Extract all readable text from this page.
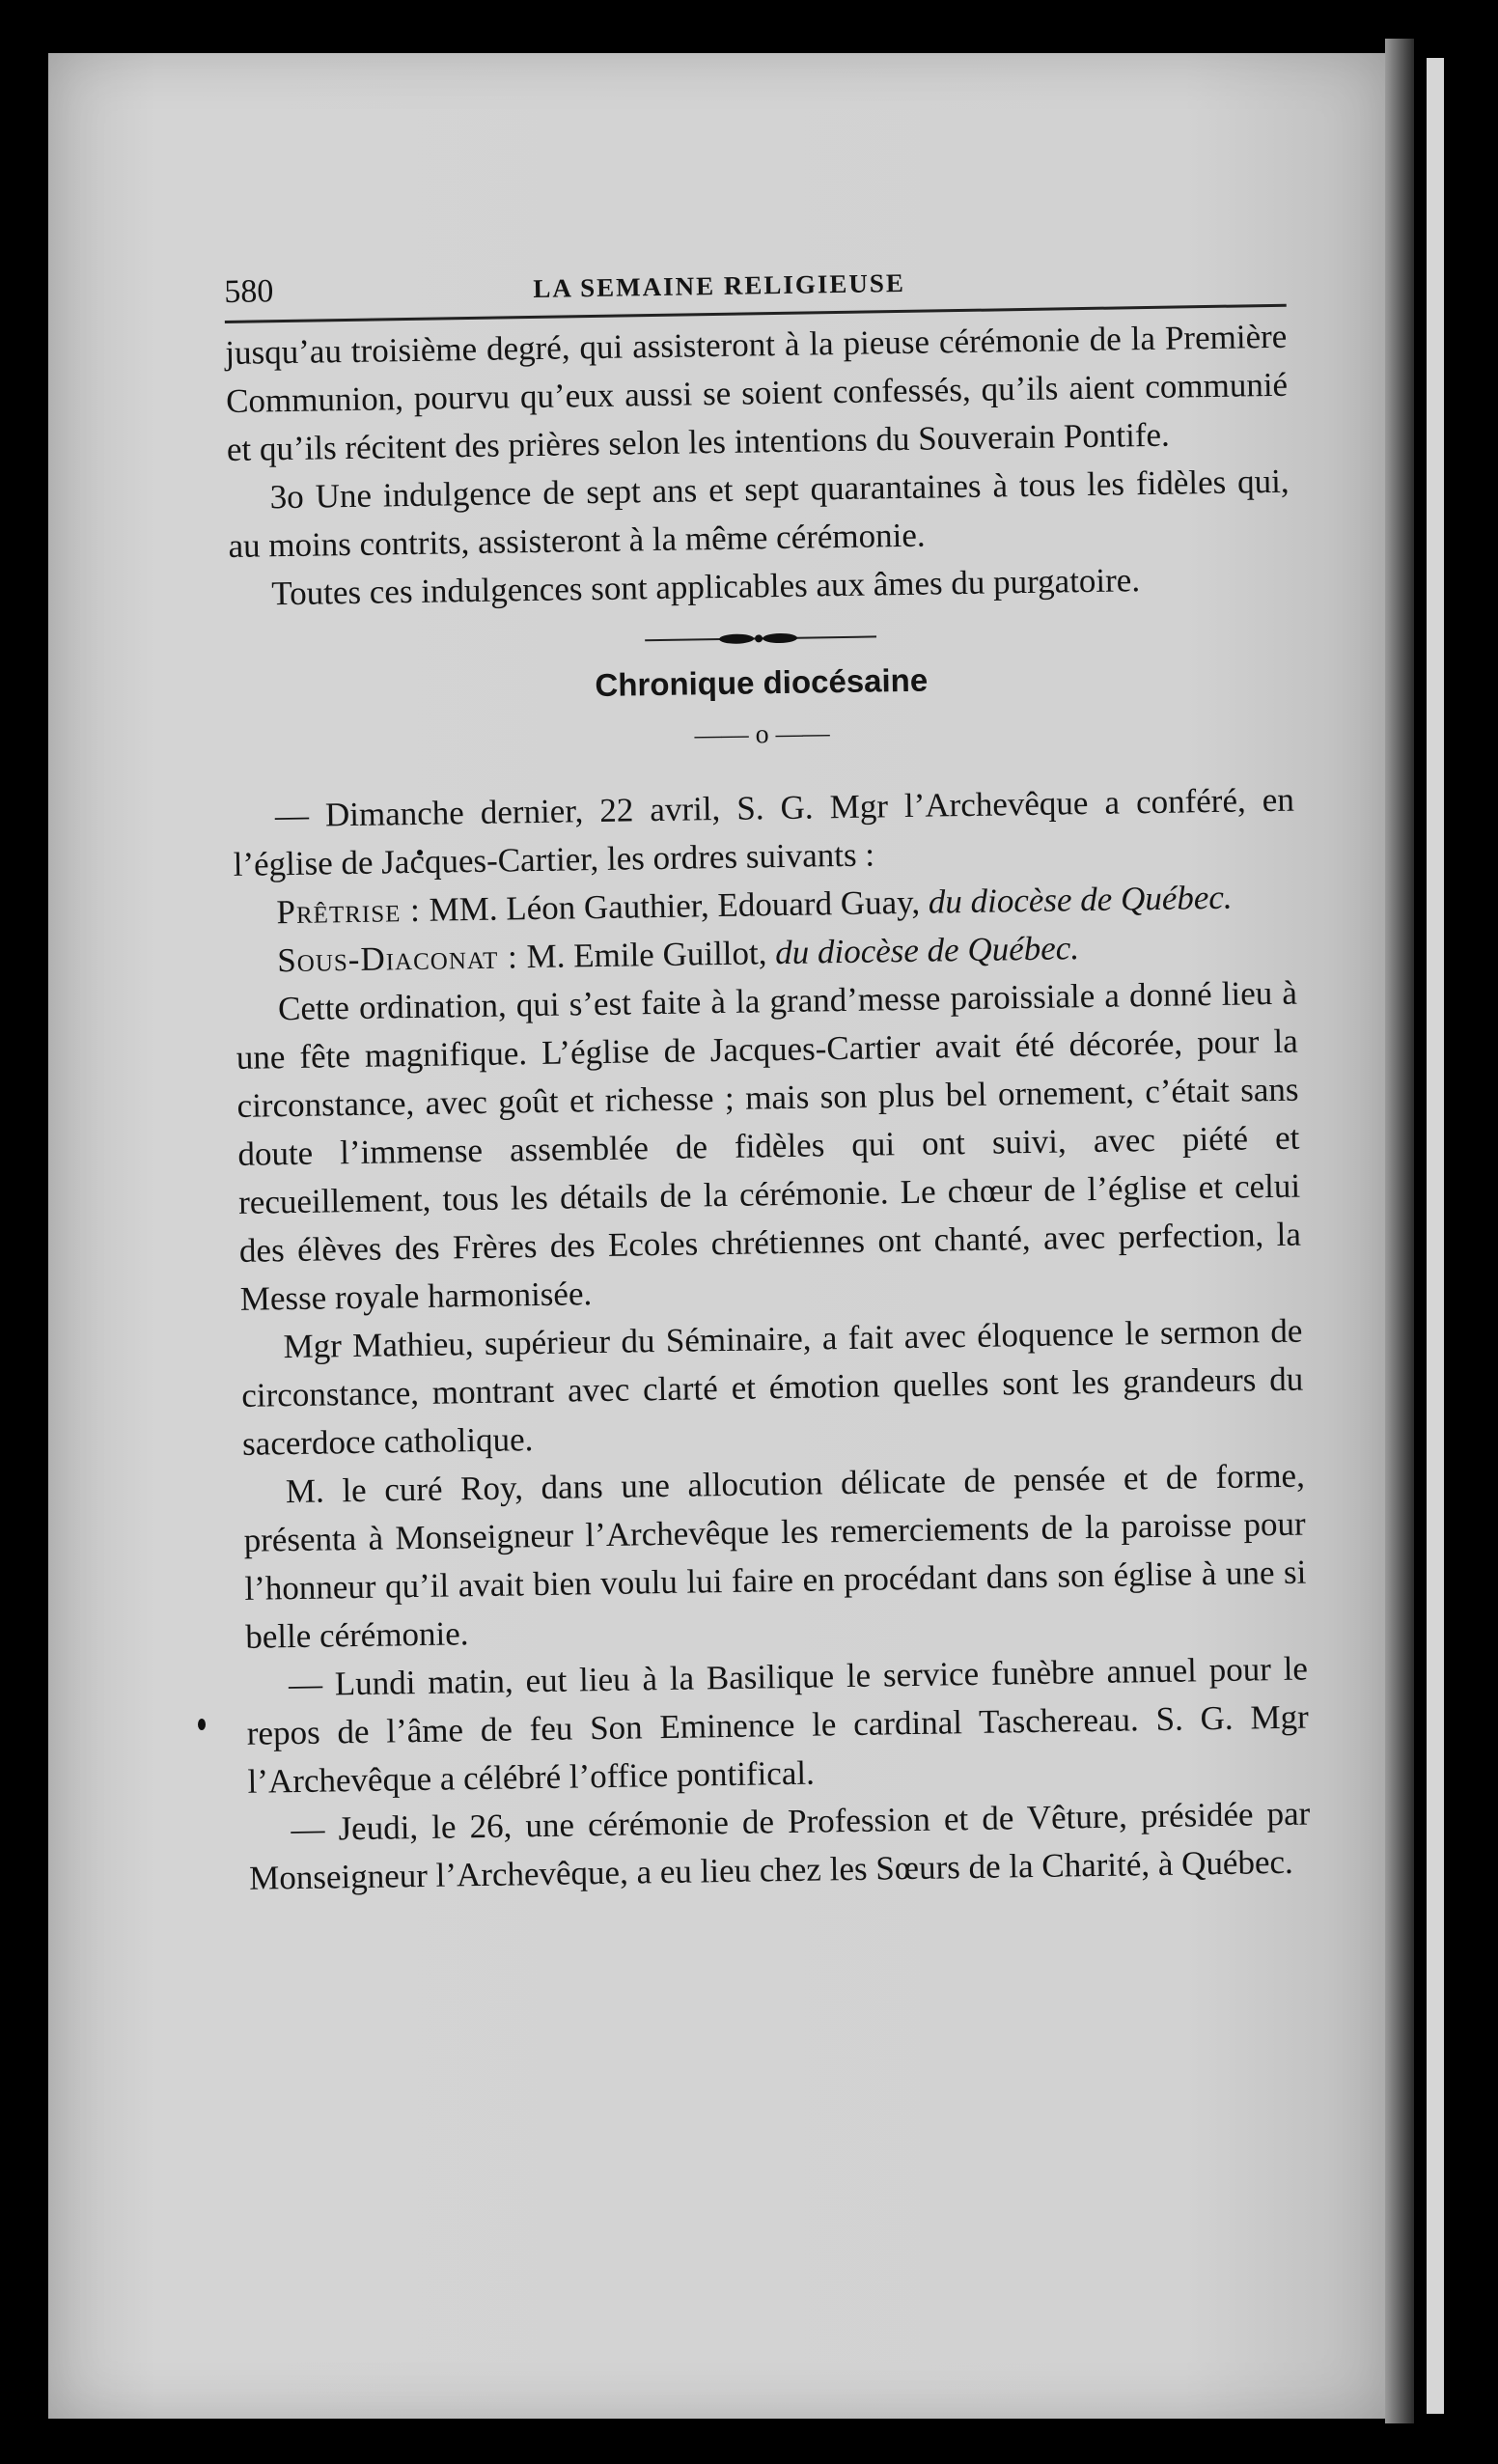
580	LA SEMAINE RELIGIEUSE

jusqu’au troisième degré, qui assisteront à la pieuse cérémonie de la Première Communion, pourvu qu’eux aussi se soient confessés, qu’ils aient communié et qu’ils récitent des prières selon les intentions du Souverain Pontife.

3o Une indulgence de sept ans et sept quarantaines à tous les fidèles qui, au moins contrits, assisteront à la même cérémonie.

Toutes ces indulgences sont applicables aux âmes du purgatoire.

Chronique diocésaine
—— o ——

— Dimanche dernier, 22 avril, S. G. Mgr l’Archevêque a conféré, en l’église de Jacques-Cartier, les ordres suivants :

Prêtrise : MM. Léon Gauthier, Edouard Guay, du diocèse de Québec.

Sous-Diaconat : M. Emile Guillot, du diocèse de Québec.

Cette ordination, qui s’est faite à la grand’messe paroissiale a donné lieu à une fête magnifique. L’église de Jacques-Cartier avait été décorée, pour la circonstance, avec goût et richesse ; mais son plus bel ornement, c’était sans doute l’immense assemblée de fidèles qui ont suivi, avec piété et recueillement, tous les détails de la cérémonie. Le chœur de l’église et celui des élèves des Frères des Ecoles chrétiennes ont chanté, avec perfection, la Messe royale harmonisée.

Mgr Mathieu, supérieur du Séminaire, a fait avec éloquence le sermon de circonstance, montrant avec clarté et émotion quelles sont les grandeurs du sacerdoce catholique.

M. le curé Roy, dans une allocution délicate de pensée et de forme, présenta à Monseigneur l’Archevêque les remerciements de la paroisse pour l’honneur qu’il avait bien voulu lui faire en procédant dans son église à une si belle cérémonie.

— Lundi matin, eut lieu à la Basilique le service funèbre annuel pour le repos de l’âme de feu Son Eminence le cardinal Taschereau. S. G. Mgr l’Archevêque a célébré l’office pontifical.

— Jeudi, le 26, une cérémonie de Profession et de Vêture, présidée par Monseigneur l’Archevêque, a eu lieu chez les Sœurs de la Charité, à Québec.
